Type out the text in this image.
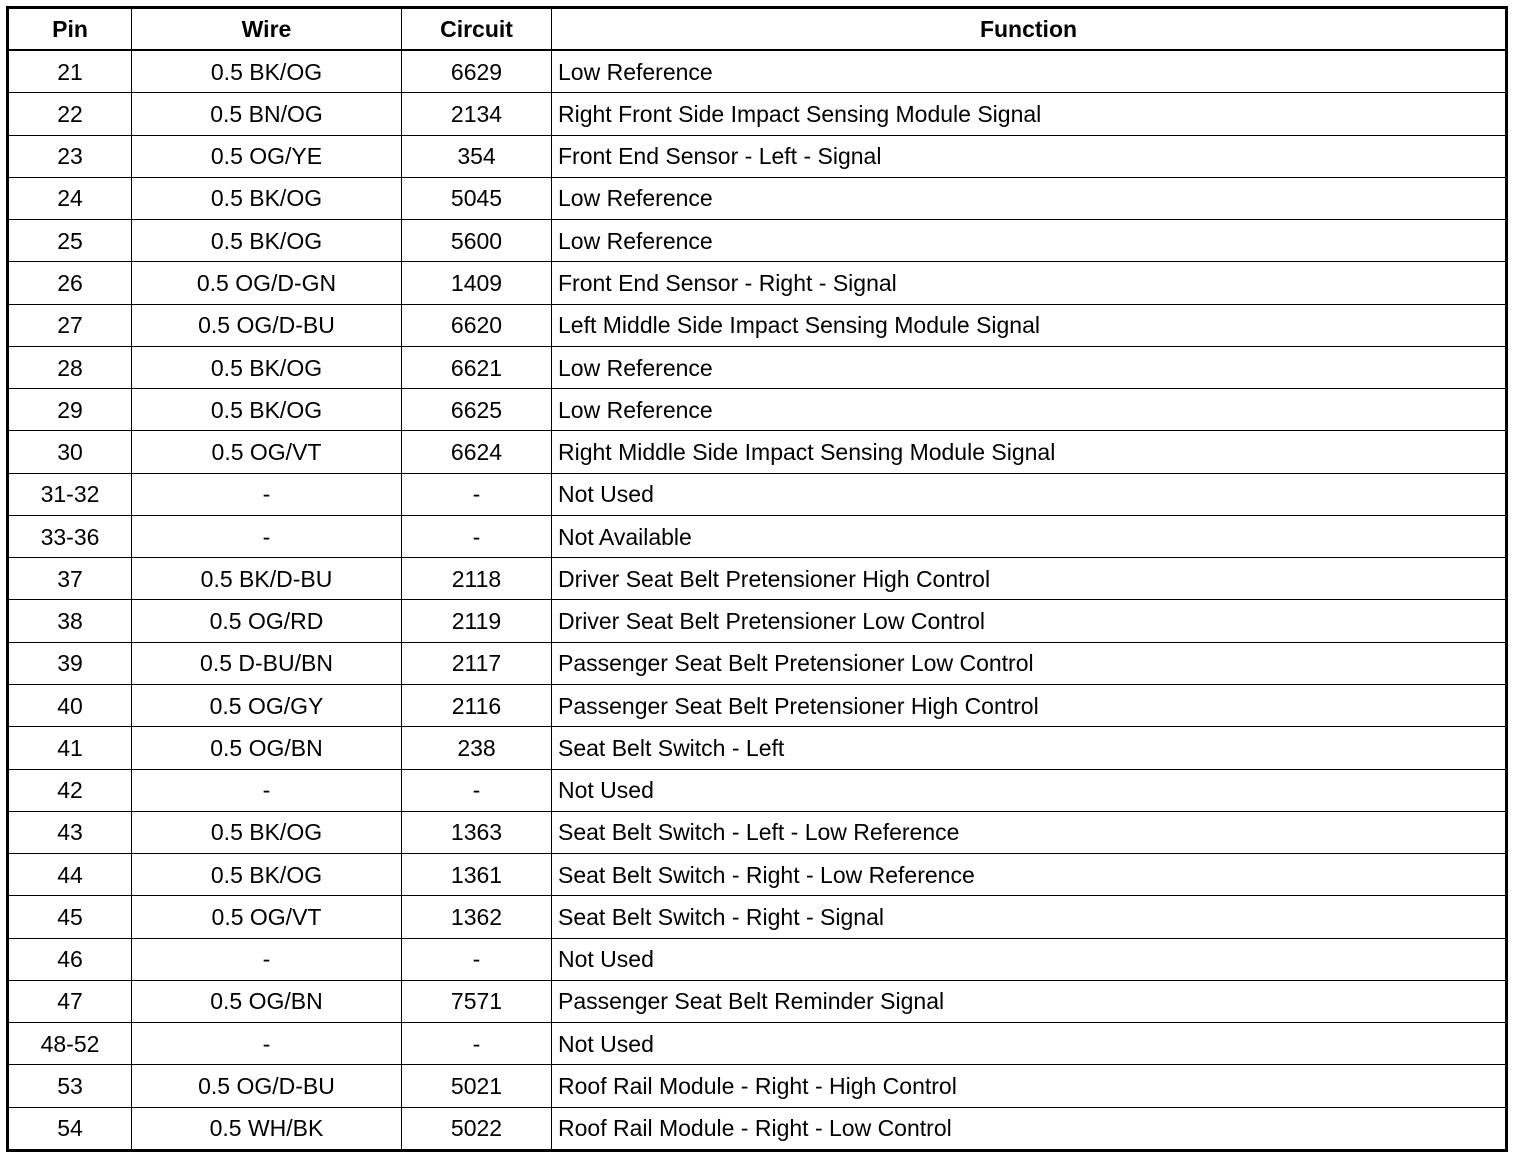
Pin	Wire	Circuit	Function
21	0.5 BK/OG	6629	Low Reference
22	0.5 BN/OG	2134	Right Front Side Impact Sensing Module Signal
23	0.5 OG/YE	354	Front End Sensor - Left - Signal
24	0.5 BK/OG	5045	Low Reference
25	0.5 BK/OG	5600	Low Reference
26	0.5 OG/D-GN	1409	Front End Sensor - Right - Signal
27	0.5 OG/D-BU	6620	Left Middle Side Impact Sensing Module Signal
28	0.5 BK/OG	6621	Low Reference
29	0.5 BK/OG	6625	Low Reference
30	0.5 OG/VT	6624	Right Middle Side Impact Sensing Module Signal
31-32	-	-	Not Used
33-36	-	-	Not Available
37	0.5 BK/D-BU	2118	Driver Seat Belt Pretensioner High Control
38	0.5 OG/RD	2119	Driver Seat Belt Pretensioner Low Control
39	0.5 D-BU/BN	2117	Passenger Seat Belt Pretensioner Low Control
40	0.5 OG/GY	2116	Passenger Seat Belt Pretensioner High Control
41	0.5 OG/BN	238	Seat Belt Switch - Left
42	-	-	Not Used
43	0.5 BK/OG	1363	Seat Belt Switch - Left - Low Reference
44	0.5 BK/OG	1361	Seat Belt Switch - Right - Low Reference
45	0.5 OG/VT	1362	Seat Belt Switch - Right - Signal
46	-	-	Not Used
47	0.5 OG/BN	7571	Passenger Seat Belt Reminder Signal
48-52	-	-	Not Used
53	0.5 OG/D-BU	5021	Roof Rail Module - Right - High Control
54	0.5 WH/BK	5022	Roof Rail Module - Right - Low Control
